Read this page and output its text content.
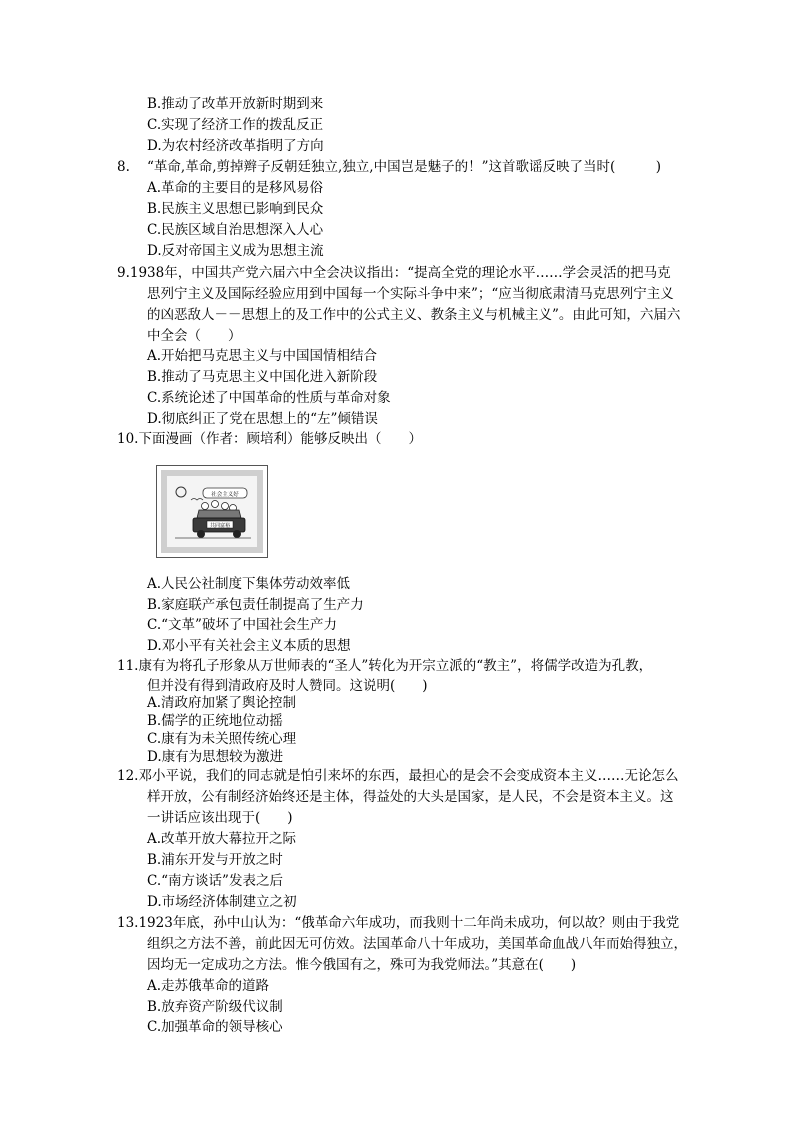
B.推动了改革开放新时期到来
C.实现了经济工作的拨乱反正
D.为农村经济改革指明了方向
8. “革命,革命,剪掉辫子反朝廷独立,独立,中国岂是魅子的！”这首歌谣反映了当时(　　　)
A.革命的主要目的是移风易俗
B.民族主义思想已影响到民众
C.民族区域自治思想深入人心
D.反对帝国主义成为思想主流
9.1938年，中国共产党六届六中全会决议指出：“提高全党的理论水平……学会灵活的把马克
思列宁主义及国际经验应用到中国每一个实际斗争中来”；“应当彻底肃清马克思列宁主义
的凶恶敌人－－思想上的及工作中的公式主义、教条主义与机械主义”。由此可知，六届六
中全会（　　）
A.开始把马克思主义与中国国情相结合
B.推动了马克思主义中国化进入新阶段
C.系统论述了中国革命的性质与革命对象
D.彻底纠正了党在思想上的“左”倾错误
10.下面漫画（作者：顾培利）能够反映出（　　）
社会主义好
共同富裕
A.人民公社制度下集体劳动效率低
B.家庭联产承包责任制提高了生产力
C.“文革”破坏了中国社会生产力
D.邓小平有关社会主义本质的思想
11.康有为将孔子形象从万世师表的“圣人”转化为开宗立派的“教主”，将儒学改造为孔教，
但并没有得到清政府及时人赞同。这说明(　　)
A.清政府加紧了舆论控制
B.儒学的正统地位动摇
C.康有为未关照传统心理
D.康有为思想较为激进
12.邓小平说，我们的同志就是怕引来坏的东西，最担心的是会不会变成资本主义……无论怎么
样开放，公有制经济始终还是主体，得益处的大头是国家，是人民，不会是资本主义。这
一讲话应该出现于(　　)
A.改革开放大幕拉开之际
B.浦东开发与开放之时
C.“南方谈话”发表之后
D.市场经济体制建立之初
13.1923年底，孙中山认为：“俄革命六年成功，而我则十二年尚未成功，何以故？则由于我党
组织之方法不善，前此因无可仿效。法国革命八十年成功，美国革命血战八年而始得独立，
因均无一定成功之方法。惟今俄国有之，殊可为我党师法。”其意在(　　)
A.走苏俄革命的道路
B.放弃资产阶级代议制
C.加强革命的领导核心
